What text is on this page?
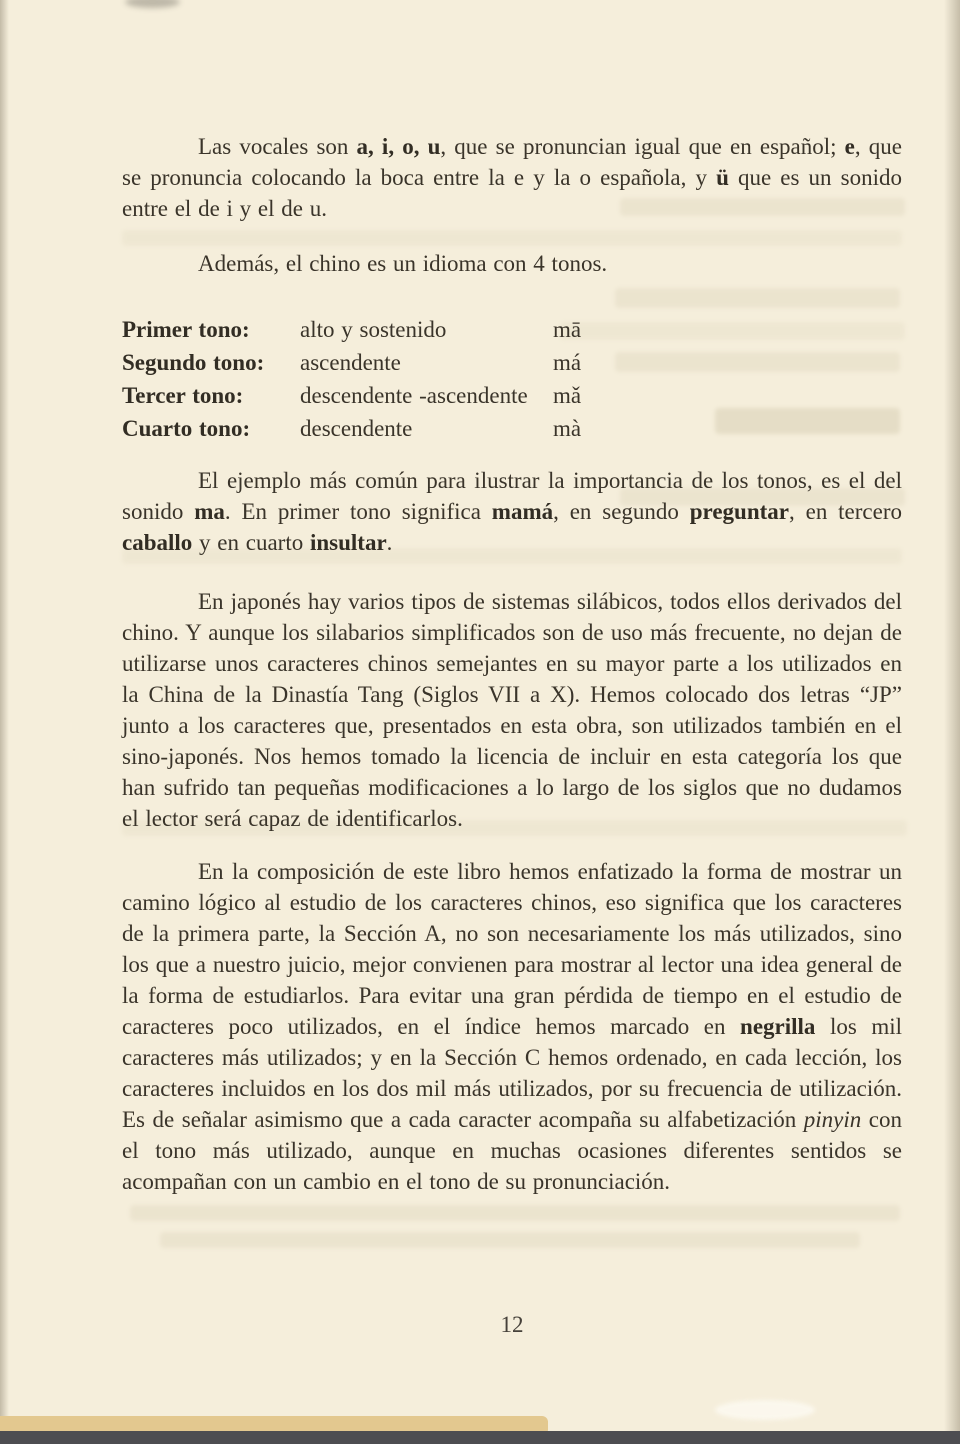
Las vocales son a, i, o, u, que se pronuncian igual que en español; e, que se pronuncia colocando la boca entre la e y la o española, y ü que es un sonido entre el de i y el de u.

Además, el chino es un idioma con 4 tonos.

Primer tono:	alto y sostenido	mā
Segundo tono:	ascendente	má
Tercer tono:	descendente -ascendente	mǎ
Cuarto tono:	descendente	mà

El ejemplo más común para ilustrar la importancia de los tonos, es el del sonido ma. En primer tono significa mamá, en segundo preguntar, en tercero caballo y en cuarto insultar.

En japonés hay varios tipos de sistemas silábicos, todos ellos derivados del chino. Y aunque los silabarios simplificados son de uso más frecuente, no dejan de utilizarse unos caracteres chinos semejantes en su mayor parte a los utilizados en la China de la Dinastía Tang (Siglos VII a X). Hemos colocado dos letras “JP” junto a los caracteres que, presentados en esta obra, son utilizados también en el sino-japonés. Nos hemos tomado la licencia de incluir en esta categoría los que han sufrido tan pequeñas modificaciones a lo largo de los siglos que no dudamos el lector será capaz de identificarlos.

En la composición de este libro hemos enfatizado la forma de mostrar un camino lógico al estudio de los caracteres chinos, eso significa que los caracteres de la primera parte, la Sección A, no son necesariamente los más utilizados, sino los que a nuestro juicio, mejor convienen para mostrar al lector una idea general de la forma de estudiarlos. Para evitar una gran pérdida de tiempo en el estudio de caracteres poco utilizados, en el índice hemos marcado en negrilla los mil caracteres más utilizados; y en la Sección C hemos ordenado, en cada lección, los caracteres incluidos en los dos mil más utilizados, por su frecuencia de utilización. Es de señalar asimismo que a cada caracter acompaña su alfabetización pinyin con el tono más utilizado, aunque en muchas ocasiones diferentes sentidos se acompañan con un cambio en el tono de su pronunciación.

12
